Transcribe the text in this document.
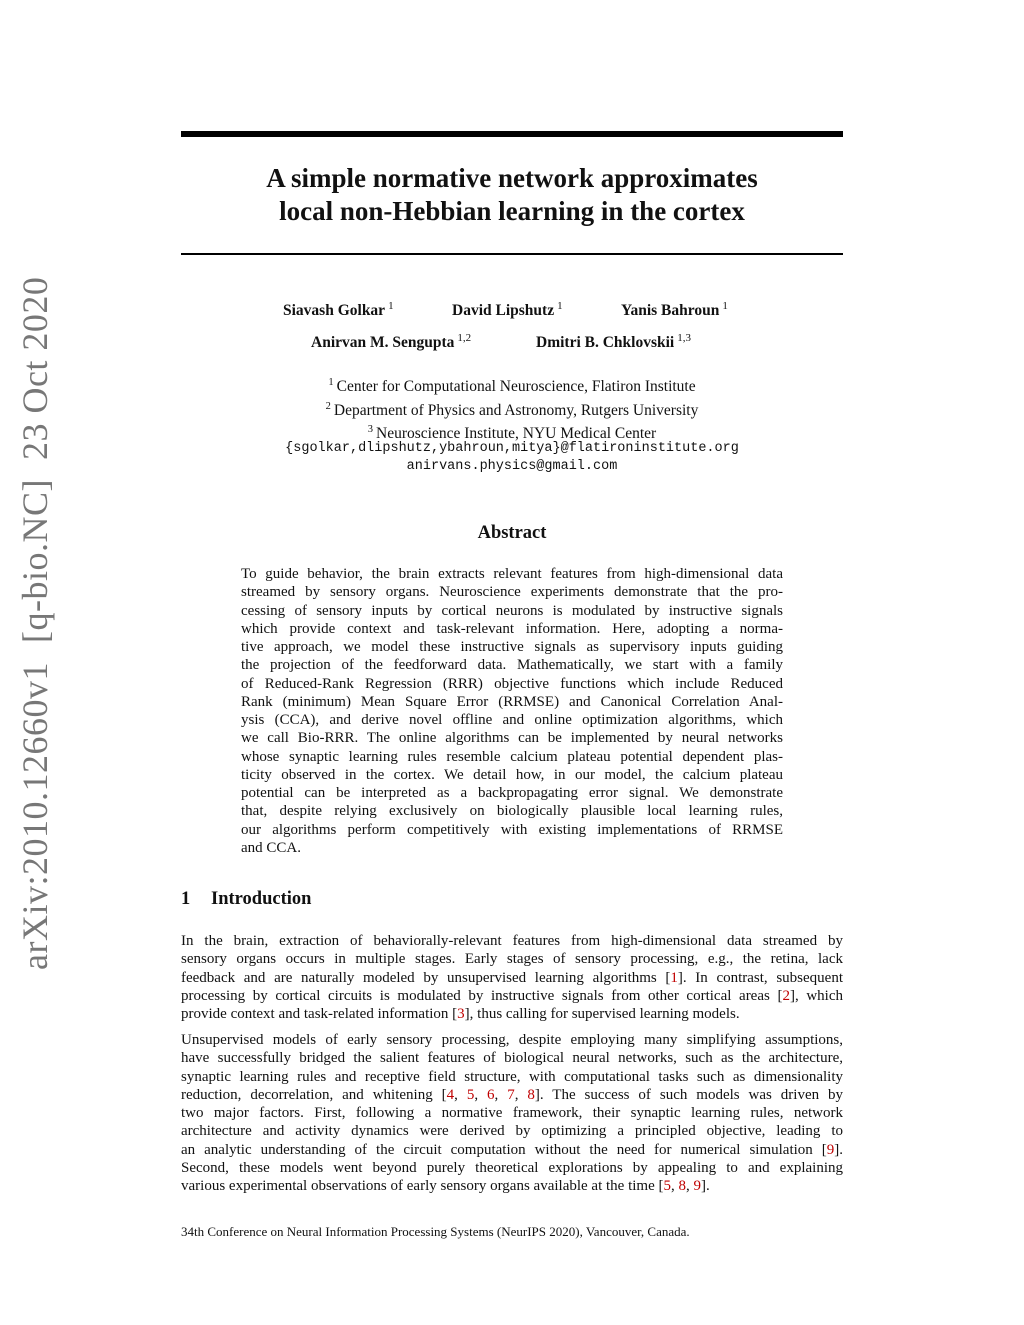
arXiv:2010.12660v1  [q-bio.NC]  23 Oct 2020
A simple normative network approximates
local non-Hebbian learning in the cortex
Siavash Golkar $^1$	David Lipshutz $^1$	Yanis Bahroun $^1$
Anirvan M. Sengupta $^{1,2}$	Dmitri B. Chklovskii $^{1,3}$
$^1$ Center for Computational Neuroscience, Flatiron Institute
$^2$ Department of Physics and Astronomy, Rutgers University
$^3$ Neuroscience Institute, NYU Medical Center
{sgolkar,dlipshutz,ybahroun,mitya}@flatironinstitute.org
anirvans.physics@gmail.com
Abstract
To guide behavior, the brain extracts relevant features from high-dimensional data
streamed by sensory organs. Neuroscience experiments demonstrate that the pro-
cessing of sensory inputs by cortical neurons is modulated by instructive signals
which provide context and task-relevant information. Here, adopting a norma-
tive approach, we model these instructive signals as supervisory inputs guiding
the projection of the feedforward data. Mathematically, we start with a family
of Reduced-Rank Regression (RRR) objective functions which include Reduced
Rank (minimum) Mean Square Error (RRMSE) and Canonical Correlation Anal-
ysis (CCA), and derive novel offline and online optimization algorithms, which
we call Bio-RRR. The online algorithms can be implemented by neural networks
whose synaptic learning rules resemble calcium plateau potential dependent plas-
ticity observed in the cortex. We detail how, in our model, the calcium plateau
potential can be interpreted as a backpropagating error signal. We demonstrate
that, despite relying exclusively on biologically plausible local learning rules,
our algorithms perform competitively with existing implementations of RRMSE
and CCA.
1 Introduction
In the brain, extraction of behaviorally-relevant features from high-dimensional data streamed by
sensory organs occurs in multiple stages. Early stages of sensory processing, e.g., the retina, lack
feedback and are naturally modeled by unsupervised learning algorithms [1]. In contrast, subsequent
processing by cortical circuits is modulated by instructive signals from other cortical areas [2], which
provide context and task-related information [3], thus calling for supervised learning models.
Unsupervised models of early sensory processing, despite employing many simplifying assumptions,
have successfully bridged the salient features of biological neural networks, such as the architecture,
synaptic learning rules and receptive field structure, with computational tasks such as dimensionality
reduction, decorrelation, and whitening [4, 5, 6, 7, 8]. The success of such models was driven by
two major factors. First, following a normative framework, their synaptic learning rules, network
architecture and activity dynamics were derived by optimizing a principled objective, leading to
an analytic understanding of the circuit computation without the need for numerical simulation [9].
Second, these models went beyond purely theoretical explorations by appealing to and explaining
various experimental observations of early sensory organs available at the time [5, 8, 9].
34th Conference on Neural Information Processing Systems (NeurIPS 2020), Vancouver, Canada.
